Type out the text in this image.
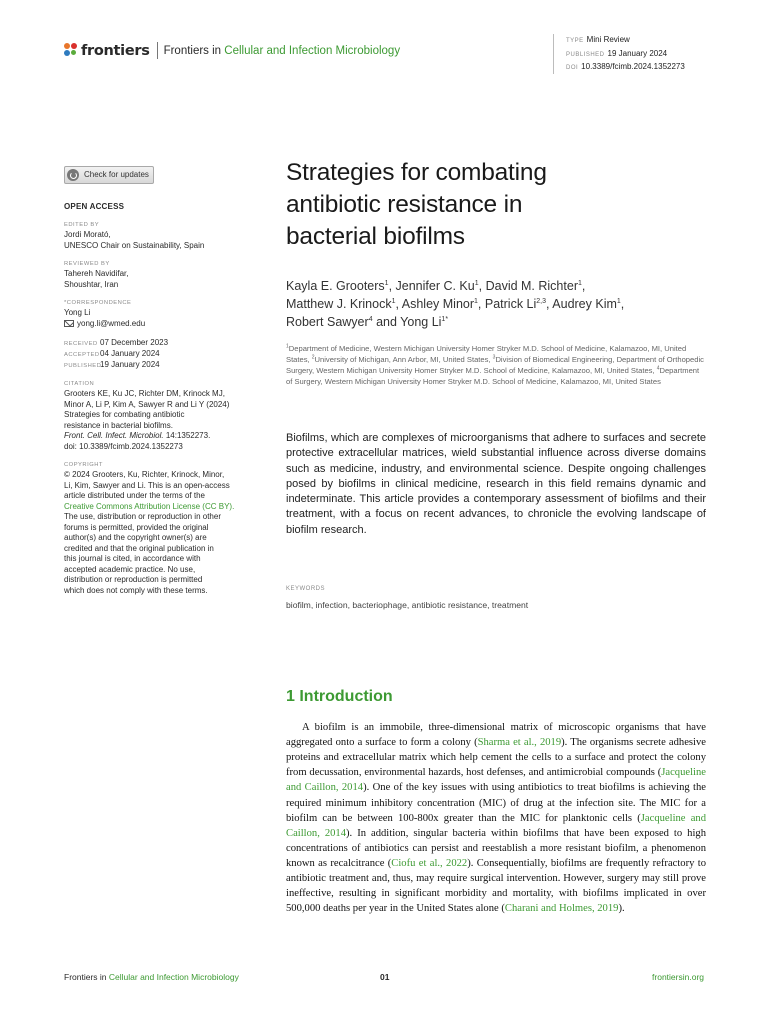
frontiers Frontiers in Cellular and Infection Microbiology
TYPE Mini Review
PUBLISHED 19 January 2024
DOI 10.3389/fcimb.2024.1352273
Check for updates
OPEN ACCESS
EDITED BY
Jordi Morató,
UNESCO Chair on Sustainability, Spain
REVIEWED BY
Tahereh Navidifar,
Shoushtar, Iran
*CORRESPONDENCE
Yong Li
yong.li@wmed.edu
RECEIVED 07 December 2023
ACCEPTED04 January 2024
PUBLISHED19 January 2024
CITATION
Grooters KE, Ku JC, Richter DM, Krinock MJ,
Minor A, Li P, Kim A, Sawyer R and Li Y (2024)
Strategies for combating antibiotic
resistance in bacterial biofilms.
Front. Cell. Infect. Microbiol. 14:1352273.
doi: 10.3389/fcimb.2024.1352273
COPYRIGHT
© 2024 Grooters, Ku, Richter, Krinock, Minor,
Li, Kim, Sawyer and Li. This is an open-access
article distributed under the terms of the
Creative Commons Attribution License (CC BY).
The use, distribution or reproduction in other
forums is permitted, provided the original
author(s) and the copyright owner(s) are
credited and that the original publication in
this journal is cited, in accordance with
accepted academic practice. No use,
distribution or reproduction is permitted
which does not comply with these terms.
Strategies for combating
antibiotic resistance in
bacterial biofilms
Kayla E. Grooters$^1$, Jennifer C. Ku$^1$, David M. Richter$^1$,
Matthew J. Krinock$^1$, Ashley Minor$^1$, Patrick Li$^{2,3}$, Audrey Kim$^1$,
Robert Sawyer$^4$ and Yong $Li^{1*}$
$^1$Department of Medicine, Western Michigan University Homer Stryker M.D. School of Medicine, Kalamazoo, MI, United States, $^2$University of Michigan, Ann Arbor, MI, United States, $^3$Division of Biomedical Engineering, Department of Orthopedic Surgery, Western Michigan University Homer Stryker M.D. School of Medicine, Kalamazoo, MI, United States, $^4$Department of Surgery, Western Michigan University Homer Stryker M.D. School of Medicine, Kalamazoo, MI, United States

Biofilms, which are complexes of microorganisms that adhere to surfaces and secrete protective extracellular matrices, wield substantial influence across diverse domains such as medicine, industry, and environmental science. Despite ongoing challenges posed by biofilms in clinical medicine, research in this field remains dynamic and indeterminate. This article provides a contemporary assessment of biofilms and their treatment, with a focus on recent advances, to chronicle the evolving landscape of biofilm research.

KEYWORDS
biofilm, infection, bacteriophage, antibiotic resistance, treatment
1 Introduction

A biofilm is an immobile, three-dimensional matrix of microscopic organisms that have aggregated onto a surface to form a colony (Sharma et al., 2019). The organisms secrete adhesive proteins and extracellular matrix which help cement the cells to a surface and protect the colony from decussation, environmental hazards, host defenses, and antimicrobial compounds (Jacqueline and Caillon, 2014). One of the key issues with using antibiotics to treat biofilms is achieving the required minimum inhibitory concentration (MIC) of drug at the infection site. The MIC for a biofilm can be between 100-800x greater than the MIC for planktonic cells (Jacqueline and Caillon, 2014). In addition, singular bacteria within biofilms that have been exposed to high concentrations of antibiotics can persist and reestablish a more resistant biofilm, a phenomenon known as recalcitrance (Ciofu et al., 2022). Consequentially, biofilms are frequently refractory to antibiotic treatment and, thus, may require surgical intervention. However, surgery may still prove ineffective, resulting in significant morbidity and mortality, with biofilms implicated in over 500,000 deaths per year in the United States alone (Charani and Holmes, 2019).

Frontiers in Cellular and Infection Microbiology	01	frontiersin.org
